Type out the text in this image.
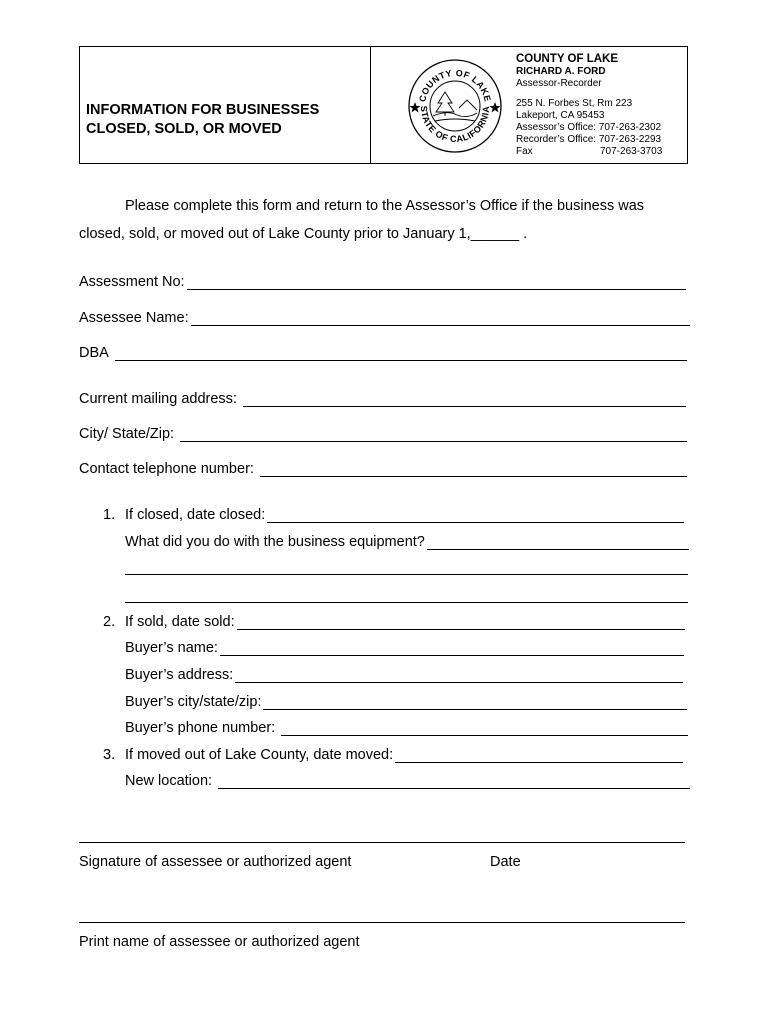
INFORMATION FOR BUSINESSES
CLOSED, SOLD, OR MOVED
COUNTY OF LAKE
STATE OF CALIFORNIA
COUNTY OF LAKE
RICHARD A. FORD
Assessor-Recorder
255 N. Forbes St, Rm 223
Lakeport, CA 95453
Assessor’s Office: 707-263-2302
Recorder’s Office: 707-263-2293
Fax	707-263-3703
Please complete this form and return to the Assessor’s Office if the business was
closed, sold, or moved out of Lake County prior to January 1,______ .
Assessment No:
Assessee Name:
DBA
Current mailing address:
City/ State/Zip:
Contact telephone number:
1. If closed, date closed:
What did you do with the business equipment?
2. If sold, date sold:
Buyer’s name:
Buyer’s address:
Buyer’s city/state/zip:
Buyer’s phone number:
3. If moved out of Lake County, date moved:
New location:
Signature of assessee or authorized agent	Date
Print name of assessee or authorized agent
